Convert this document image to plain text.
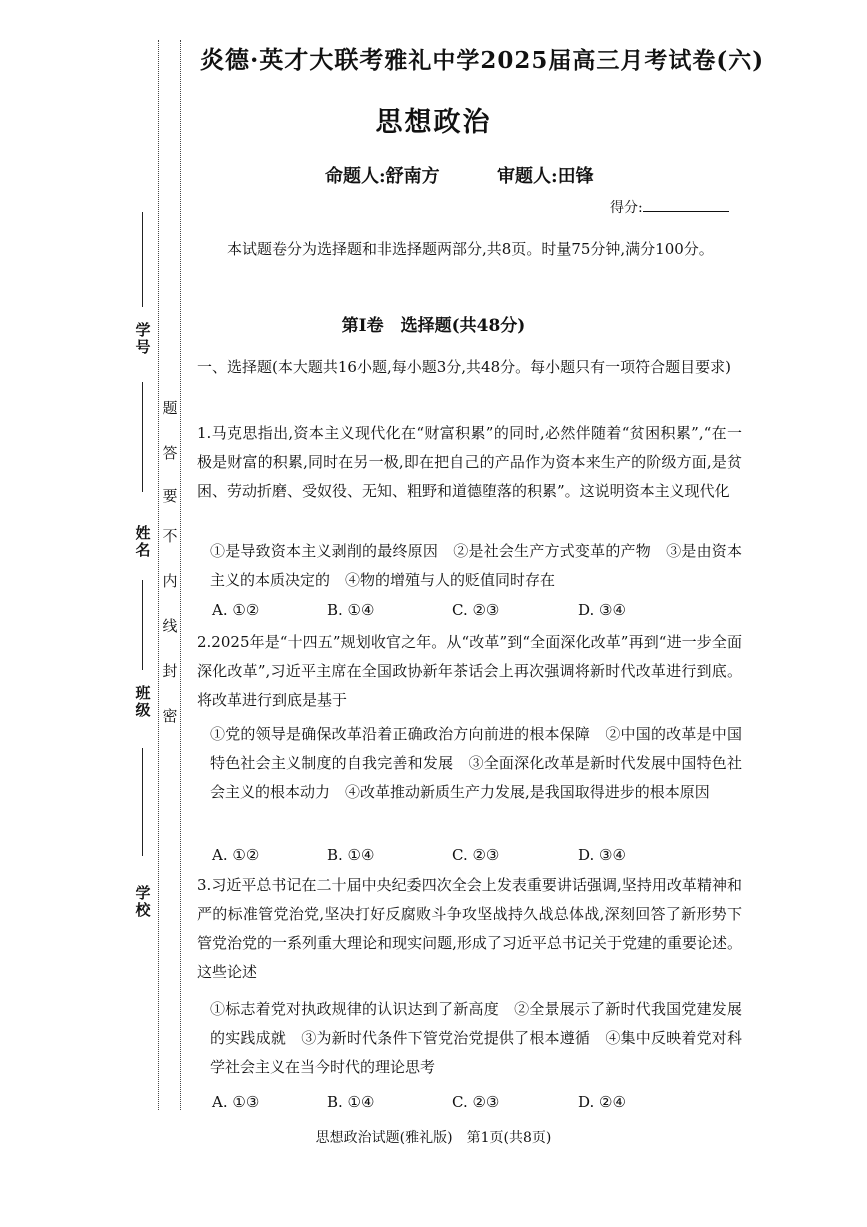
学号
姓名
班级
学校
密
封
线
内
不
要
答
题
炎德·英才大联考雅礼中学2025届高三月考试卷(六)
思想政治
命题人:舒南方	审题人:田锋
得分:
本试题卷分为选择题和非选择题两部分,共8页。时量75分钟,满分100分。
第Ⅰ卷　选择题(共48分)
一、选择题(本大题共16小题,每小题3分,共48分。每小题只有一项符合题目要求)
1.马克思指出,资本主义现代化在“财富积累”的同时,必然伴随着“贫困积累”,“在一极是财富的积累,同时在另一极,即在把自己的产品作为资本来生产的阶级方面,是贫困、劳动折磨、受奴役、无知、粗野和道德堕落的积累”。这说明资本主义现代化
①是导致资本主义剥削的最终原因　②是社会生产方式变革的产物　③是由资本主义的本质决定的　④物的增殖与人的贬值同时存在
A. ①②	B. ①④	C. ②③	D. ③④
2.2025年是“十四五”规划收官之年。从“改革”到“全面深化改革”再到“进一步全面深化改革”,习近平主席在全国政协新年茶话会上再次强调将新时代改革进行到底。将改革进行到底是基于
①党的领导是确保改革沿着正确政治方向前进的根本保障　②中国的改革是中国特色社会主义制度的自我完善和发展　③全面深化改革是新时代发展中国特色社会主义的根本动力　④改革推动新质生产力发展,是我国取得进步的根本原因
A. ①②	B. ①④	C. ②③	D. ③④
3.习近平总书记在二十届中央纪委四次全会上发表重要讲话强调,坚持用改革精神和严的标准管党治党,坚决打好反腐败斗争攻坚战持久战总体战,深刻回答了新形势下管党治党的一系列重大理论和现实问题,形成了习近平总书记关于党建的重要论述。这些论述
①标志着党对执政规律的认识达到了新高度　②全景展示了新时代我国党建发展的实践成就　③为新时代条件下管党治党提供了根本遵循　④集中反映着党对科学社会主义在当今时代的理论思考
A. ①③	B. ①④	C. ②③	D. ②④
思想政治试题(雅礼版)　第1页(共8页)
